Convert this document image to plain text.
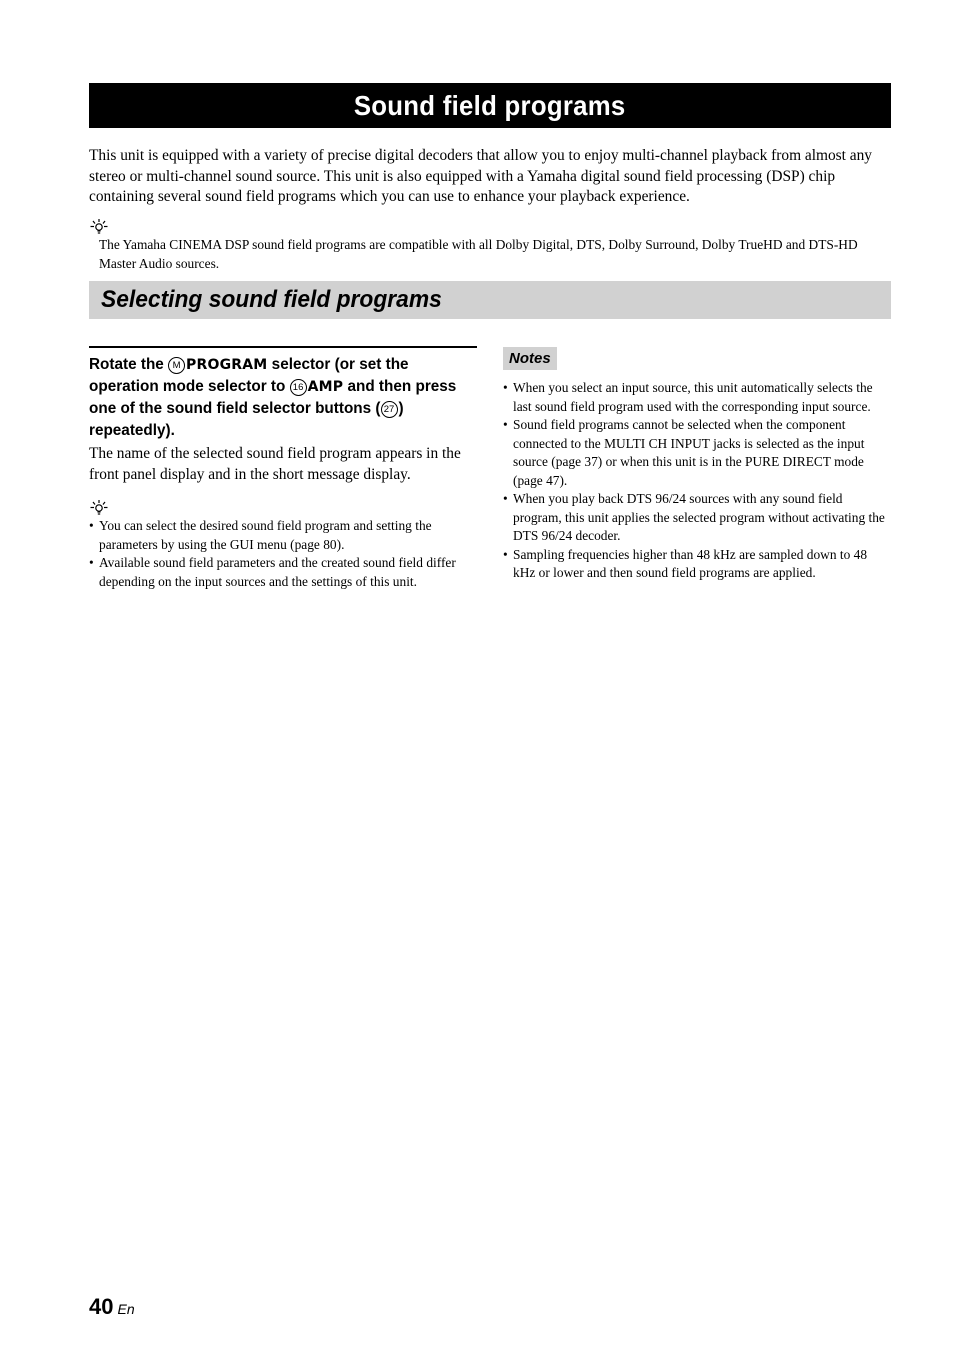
Sound field programs

This unit is equipped with a variety of precise digital decoders that allow you to enjoy multi-channel playback from almost any stereo or multi-channel sound source. This unit is also equipped with a Yamaha digital sound field processing (DSP) chip containing several sound field programs which you can use to enhance your playback experience.

The Yamaha CINEMA DSP sound field programs are compatible with all Dolby Digital, DTS, Dolby Surround, Dolby TrueHD and DTS-HD Master Audio sources.

Selecting sound field programs
Rotate the M PROGRAM selector (or set the operation mode selector to 16 AMP and then press one of the sound field selector buttons ( 27 ) repeatedly).

The name of the selected sound field program appears in the front panel display and in the short message display.

• You can select the desired sound field program and setting the parameters by using the GUI menu (page 80).
• Available sound field parameters and the created sound field differ depending on the input sources and the settings of this unit.
Notes
• When you select an input source, this unit automatically selects the last sound field program used with the corresponding input source.
• Sound field programs cannot be selected when the component connected to the MULTI CH INPUT jacks is selected as the input source (page 37) or when this unit is in the PURE DIRECT mode (page 47).
• When you play back DTS 96/24 sources with any sound field program, this unit applies the selected program without activating the DTS 96/24 decoder.
• Sampling frequencies higher than 48 kHz are sampled down to 48 kHz or lower and then sound field programs are applied.
40 En
